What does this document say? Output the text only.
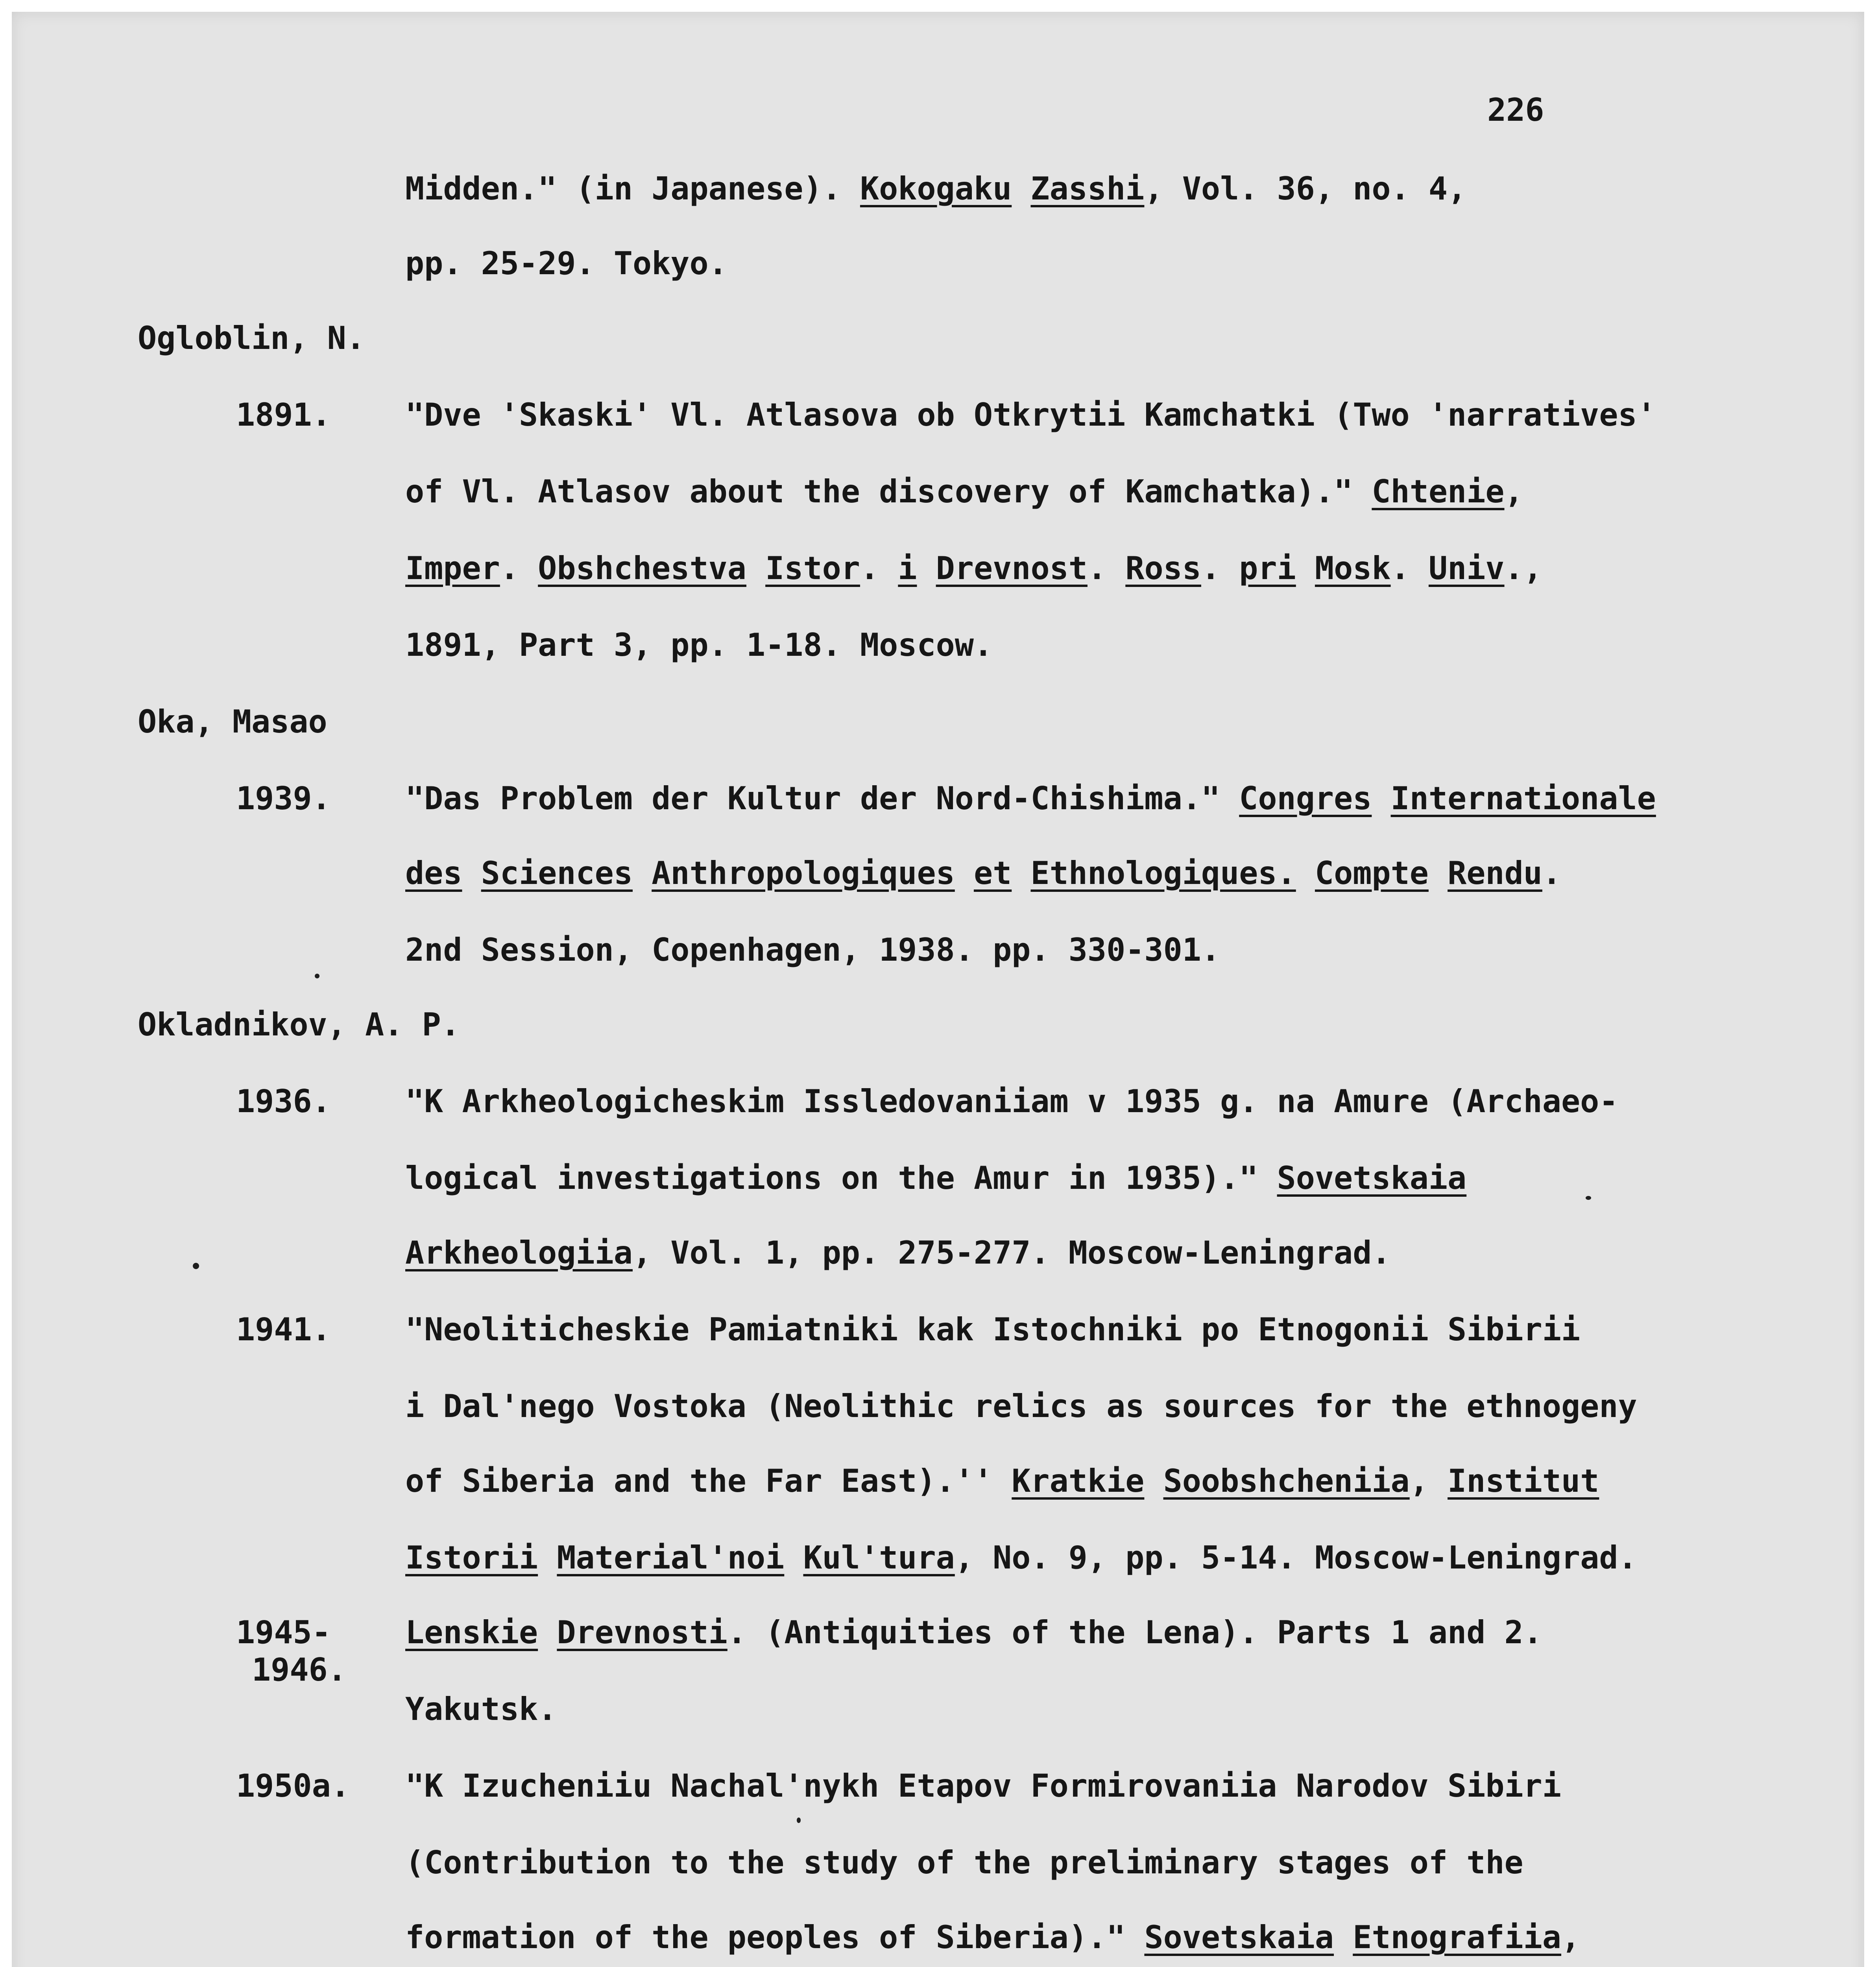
226
Midden." (in Japanese). Kokogaku Zasshi, Vol. 36, no. 4,
pp. 25-29. Tokyo.
Ogloblin, N.
1891. "Dve 'Skaski' Vl. Atlasova ob Otkrytii Kamchatki (Two 'narratives'
of Vl. Atlasov about the discovery of Kamchatka)." Chtenie,
Imper. Obshchestva Istor. i Drevnost. Ross. pri Mosk. Univ.,
1891, Part 3, pp. 1-18. Moscow.
Oka, Masao
1939. "Das Problem der Kultur der Nord-Chishima." Congres Internationale
des Sciences Anthropologiques et Ethnologiques. Compte Rendu.
2nd Session, Copenhagen, 1938. pp. 330-301.
Okladnikov, A. P.
1936. "K Arkheologicheskim Issledovaniiam v 1935 g. na Amure (Archaeo-
logical investigations on the Amur in 1935)." Sovetskaia
Arkheologiia, Vol. 1, pp. 275-277. Moscow-Leningrad.
1941. "Neoliticheskie Pamiatniki kak Istochniki po Etnogonii Sibirii
i Dal'nego Vostoka (Neolithic relics as sources for the ethnogeny
of Siberia and the Far East).'' Kratkie Soobshcheniia, Institut
Istorii Material'noi Kul'tura, No. 9, pp. 5-14. Moscow-Leningrad.
1945-
1946.
Lenskie Drevnosti. (Antiquities of the Lena). Parts 1 and 2.
Yakutsk.
1950a. "K Izucheniiu Nachal'nykh Etapov Formirovaniia Narodov Sibiri
(Contribution to the study of the preliminary stages of the
formation of the peoples of Siberia)." Sovetskaia Etnografiia,
